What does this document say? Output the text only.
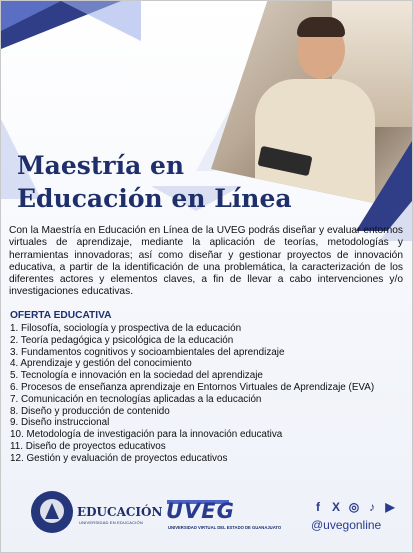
Maestría en
Educación en Línea

Con la Maestría en Educación en Línea de la UVEG podrás diseñar y evaluar entornos virtuales de aprendizaje, mediante la aplicación de teorías, metodologías y herramientas innovadoras; así como diseñar y gestionar proyectos de innovación educativa, a partir de la identificación de una problemática, la caracterización de los diferentes actores y elementos claves, a fin de llevar a cabo intervenciones y/o investigaciones educativas.

OFERTA EDUCATIVA

1. Filosofía, sociología y prospectiva de la educación
2. Teoría pedagógica y psicológica de la educación
3. Fundamentos cognitivos y socioambientales del aprendizaje
4. Aprendizaje y gestión del conocimiento
5. Tecnología e innovación en la sociedad del aprendizaje
6. Procesos de enseñanza aprendizaje en Entornos Virtuales de Aprendizaje (EVA)
7. Comunicación en tecnologías aplicadas a la educación
8. Diseño y producción de contenido
9. Diseño instruccional
10. Metodología de investigación para la innovación educativa
11. Diseño de proyectos educativos
12. Gestión y evaluación de proyectos educativos

EDUCACIÓN

UNIVERSIDAD EN EDUCACIÓN UVEG

UNIVERSIDAD VIRTUAL DEL ESTADO DE GUANAJUATO

f X ◎ ♪ ▶

@uvegonline
